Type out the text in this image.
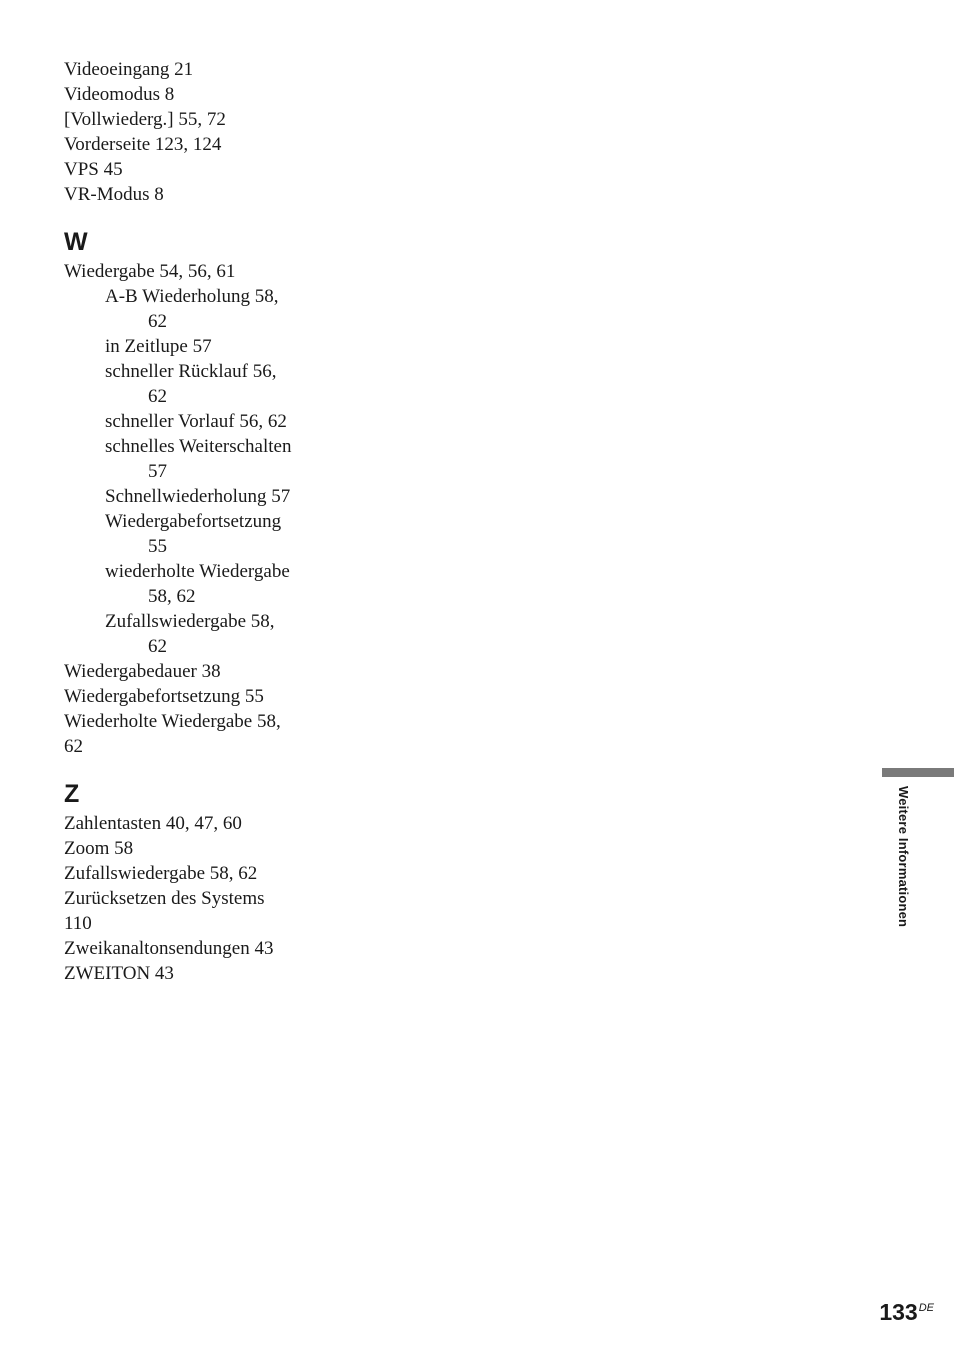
Videoeingang 21
Videomodus 8
[Vollwiederg.] 55, 72
Vorderseite 123, 124
VPS 45
VR-Modus 8
W
Wiedergabe 54, 56, 61
A-B Wiederholung 58,
62
in Zeitlupe 57
schneller Rücklauf 56,
62
schneller Vorlauf 56, 62
schnelles Weiterschalten
57
Schnellwiederholung 57
Wiedergabefortsetzung
55
wiederholte Wiedergabe
58, 62
Zufallswiedergabe 58,
62
Wiedergabedauer 38
Wiedergabefortsetzung 55
Wiederholte Wiedergabe 58,
62
Z
Zahlentasten 40, 47, 60
Zoom 58
Zufallswiedergabe 58, 62
Zurücksetzen des Systems
110
Zweikanaltonsendungen 43
ZWEITON 43
Weitere Informationen
133DE
